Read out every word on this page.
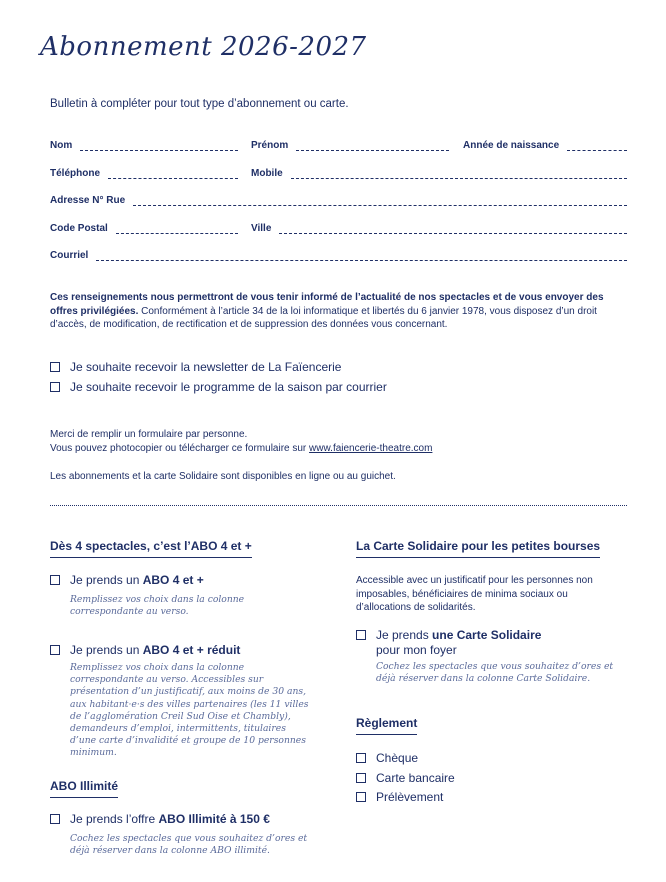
Abonnement 2026-2027
Bulletin à compléter pour tout type d’abonnement ou carte.
Nom	Prénom	Année de naissance
Téléphone	Mobile
Adresse N° Rue
Code Postal	Ville
Courriel
Ces renseignements nous permettront de vous tenir informé de l’actualité de nos spectacles et de vous envoyer des offres privilégiées. Conformément à l’article 34 de la loi informatique et libertés du 6 janvier 1978, vous disposez d’un droit d’accès, de modification, de rectification et de suppression des données vous concernant.
Je souhaite recevoir la newsletter de La Faïencerie
Je souhaite recevoir le programme de la saison par courrier
Merci de remplir un formulaire par personne.
Vous pouvez photocopier ou télécharger ce formulaire sur www.faiencerie-theatre.com
Les abonnements et la carte Solidaire sont disponibles en ligne ou au guichet.
Dès 4 spectacles, c’est l’ABO 4 et +
Je prends un ABO 4 et +
Remplissez vos choix dans la colonne correspondante au verso.
Je prends un ABO 4 et + réduit
Remplissez vos choix dans la colonne correspondante au verso. Accessibles sur présentation d’un justificatif, aux moins de 30 ans, aux habitant·e·s des villes partenaires (les 11 villes de l’agglomération Creil Sud Oise et Chambly), demandeurs d’emploi, intermittents, titulaires d’une carte d’invalidité et groupe de 10 personnes minimum.
ABO Illimité
Je prends l’offre ABO Illimité à 150 €
Cochez les spectacles que vous souhaitez d’ores et déjà réserver dans la colonne ABO illimité.
La Carte Solidaire pour les petites bourses
Accessible avec un justificatif pour les personnes non imposables, bénéficiaires de minima sociaux ou d’allocations de solidarités.
Je prends une Carte Solidaire
pour mon foyer
Cochez les spectacles que vous souhaitez d’ores et déjà réserver dans la colonne Carte Solidaire.
Règlement
Chèque
Carte bancaire
Prélèvement
